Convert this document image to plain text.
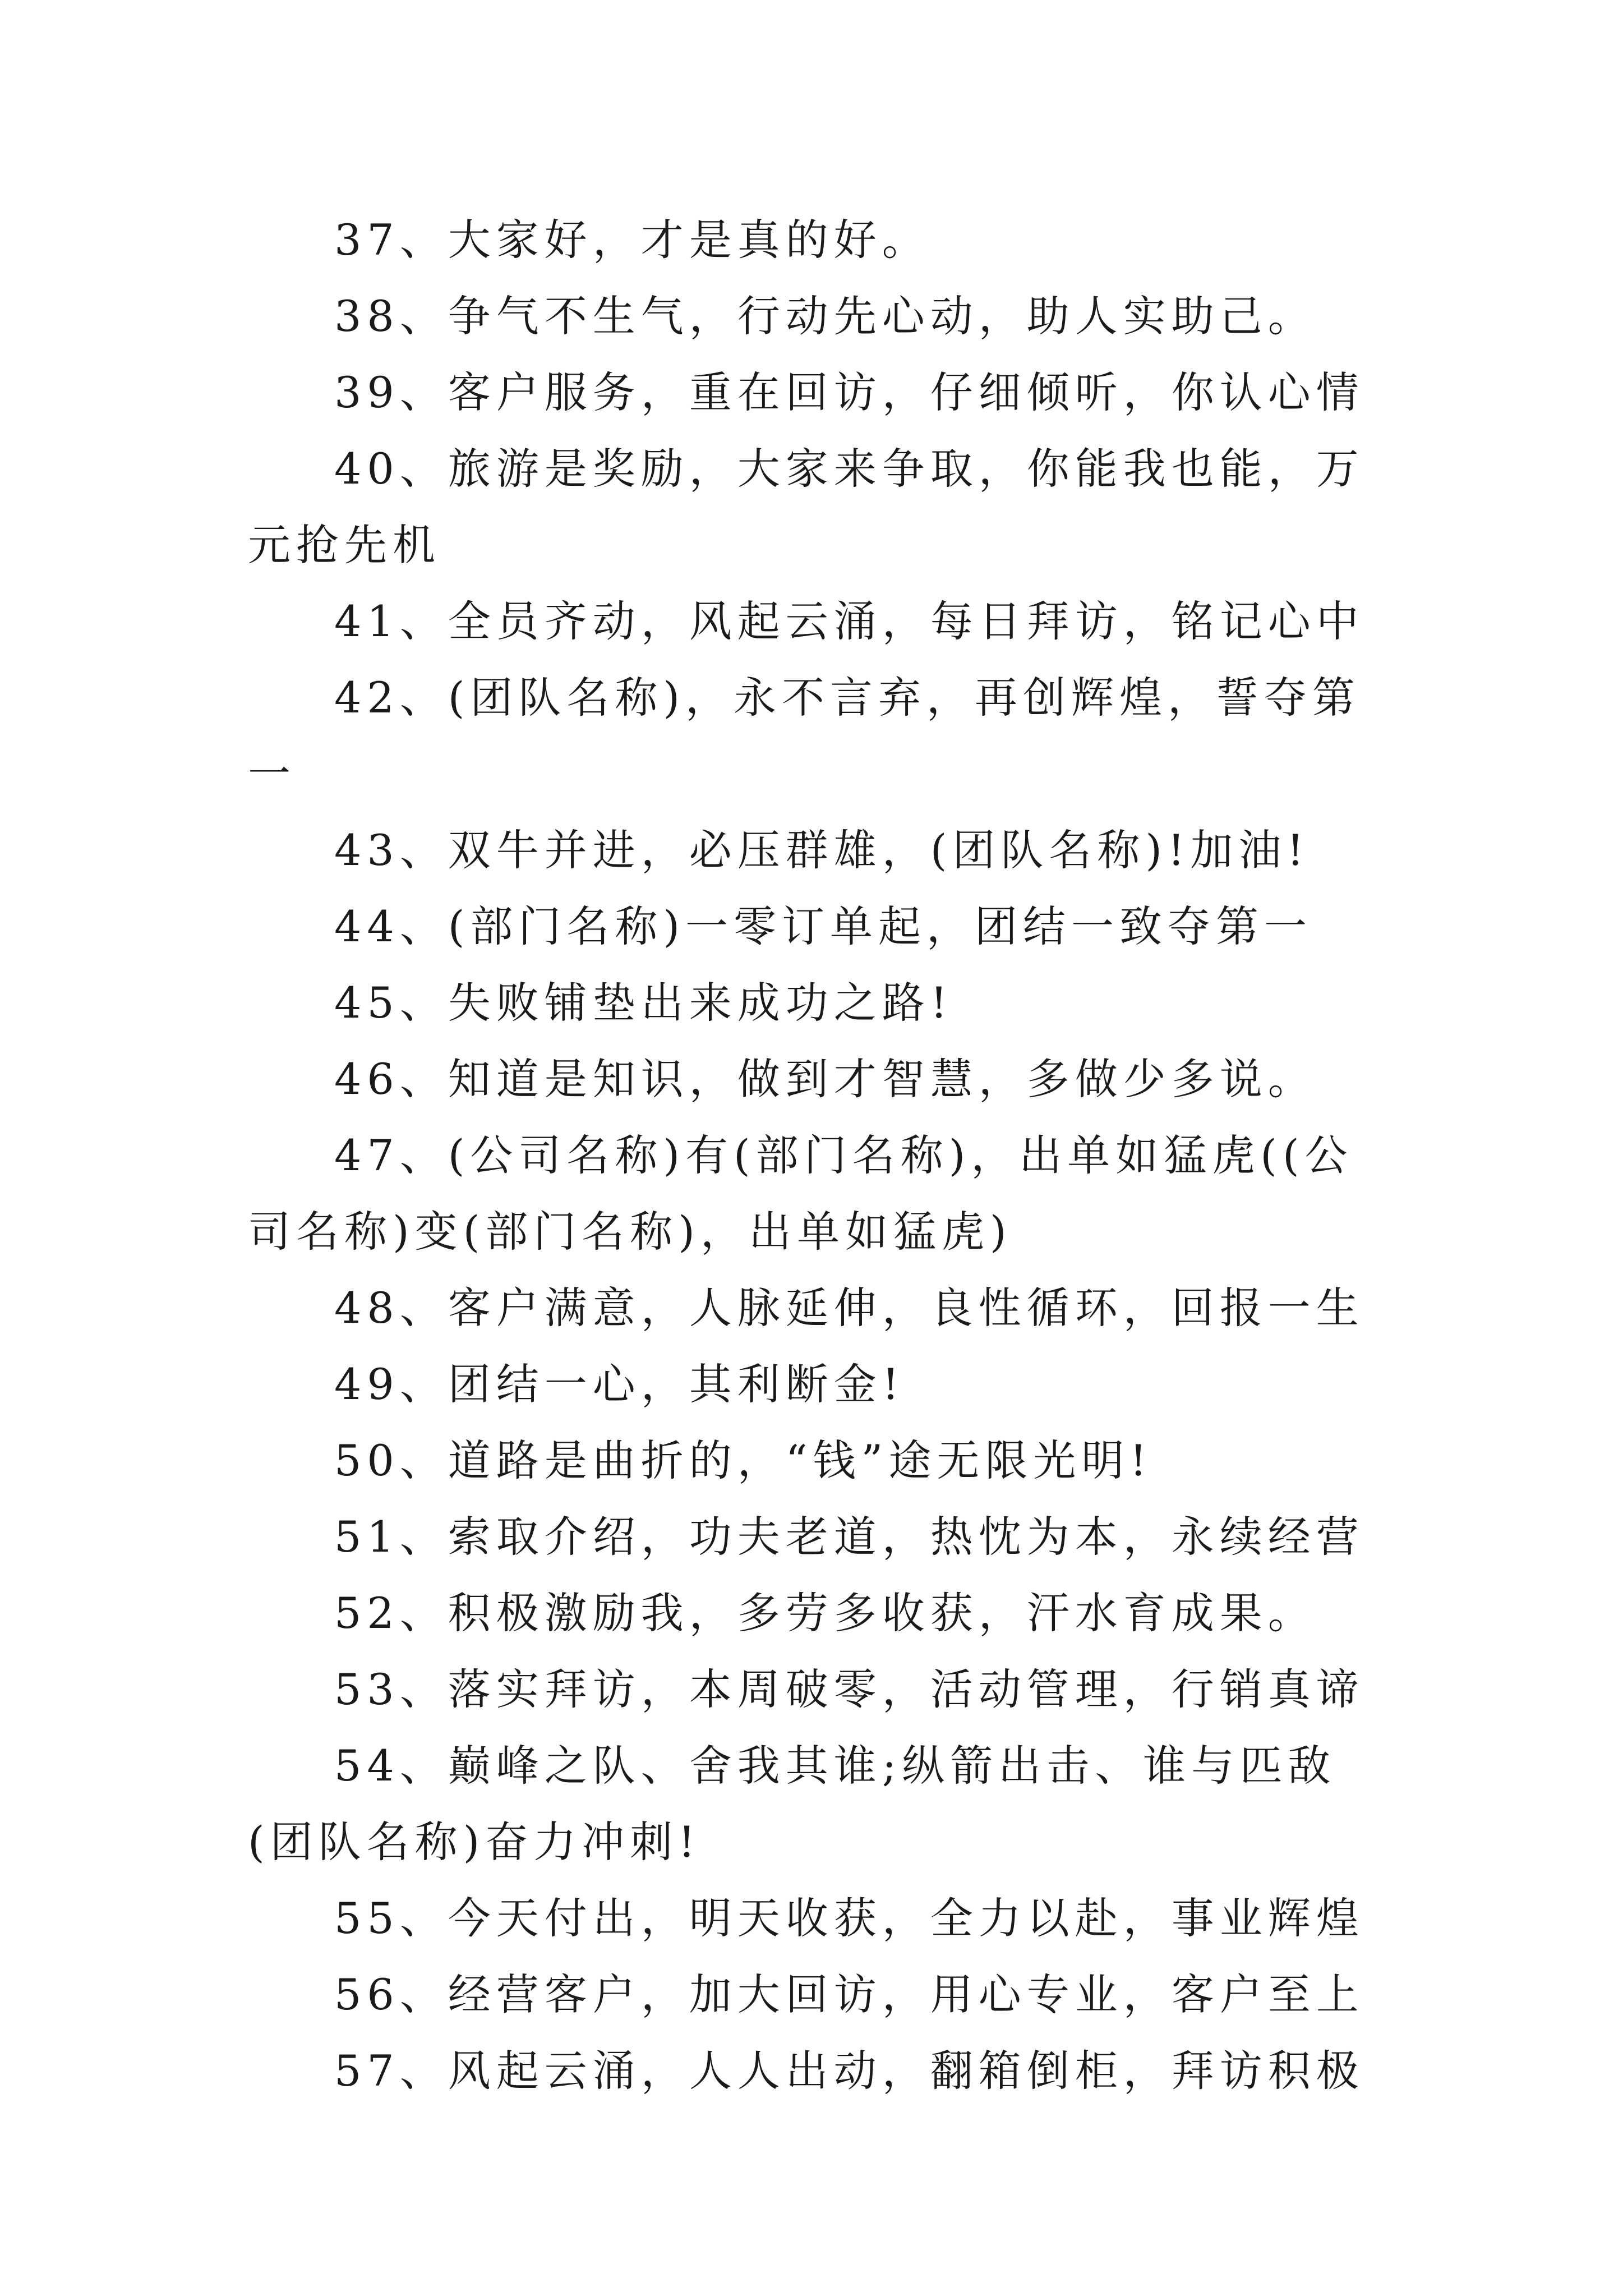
37、大家好，才是真的好。

38、争气不生气，行动先心动，助人实助己。

39、客户服务，重在回访，仔细倾听，你认心情

40、旅游是奖励，大家来争取，你能我也能，万元抢先机

41、全员齐动，风起云涌，每日拜访，铭记心中

42、(团队名称)，永不言弃，再创辉煌，誓夺第一

43、双牛并进，必压群雄，(团队名称)!加油!

44、(部门名称)一零订单起，团结一致夺第一

45、失败铺垫出来成功之路!

46、知道是知识，做到才智慧，多做少多说。

47、(公司名称)有(部门名称)，出单如猛虎((公司名称)变(部门名称)，出单如猛虎)

48、客户满意，人脉延伸，良性循环，回报一生

49、团结一心，其利断金!

50、道路是曲折的，“钱”途无限光明!

51、索取介绍，功夫老道，热忱为本，永续经营

52、积极激励我，多劳多收获，汗水育成果。

53、落实拜访，本周破零，活动管理，行销真谛

54、巅峰之队、舍我其谁;纵箭出击、谁与匹敌(团队名称)奋力冲刺!

55、今天付出，明天收获，全力以赴，事业辉煌

56、经营客户，加大回访，用心专业，客户至上

57、风起云涌，人人出动，翻箱倒柜，拜访积极
